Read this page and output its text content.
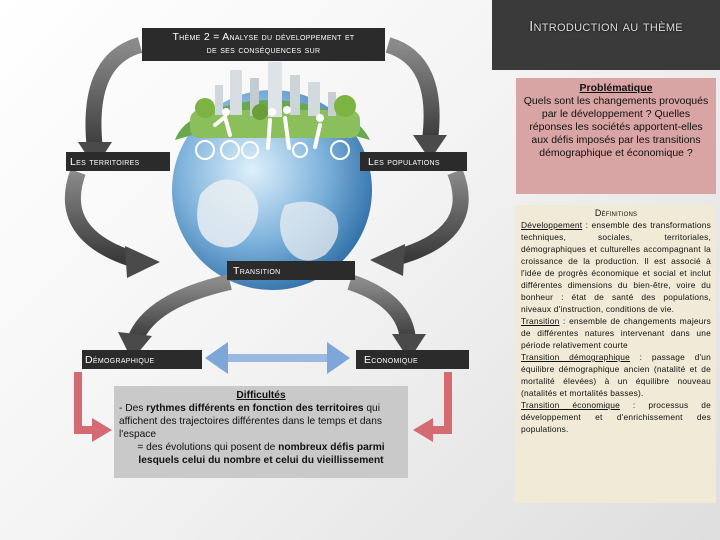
Thème 2 = Analyse du développement et
de ses conséquences sur
Introduction au thème
Les territoires	Les populations
Transition
Démographique	Economique
Problématique
Quels sont les changements provoqués par le développement ? Quelles réponses les sociétés apportent-elles aux défis imposés par les transitions démographique et économique ?
Définitions
Développement : ensemble des transformations techniques, sociales, territoriales, démographiques et culturelles accompagnant la croissance de la production. Il est associé à l'idée de progrès économique et social et inclut différentes dimensions du bien-être, voire du bonheur : état de santé des populations, niveaux d'instruction, conditions de vie.
Transition : ensemble de changements majeurs de différentes natures intervenant dans une période relativement courte
Transition démographique : passage d'un équilibre démographique ancien (natalité et de mortalité élevées) à un équilibre nouveau (natalités et mortalités basses).
Transition économique : processus de développement et d'enrichissement des populations.
Difficultés
- Des rythmes différents en fonction des territoires qui affichent des trajectoires différentes dans le temps et dans l'espace
= des évolutions qui posent de nombreux défis parmi lesquels celui du nombre et celui du vieillissement
